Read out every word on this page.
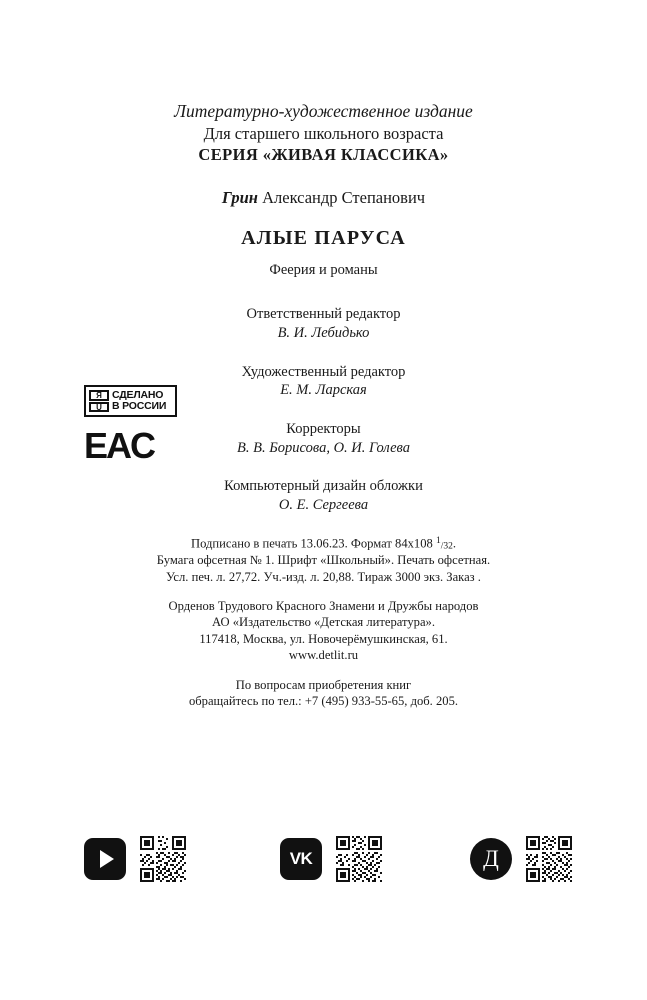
Литературно-художественное издание
Для старшего школьного возраста
СЕРИЯ «ЖИВАЯ КЛАССИКА»
Грин Александр Степанович
АЛЫЕ ПАРУСА
Феерия и романы
Ответственный редактор
В. И. Лебидько
Художественный редактор
Е. М. Ларская
Корректоры
В. В. Борисова, О. И. Голева
Компьютерный дизайн обложки
О. Е. Сергеева
Подписано в печать 13.06.23. Формат 84х108 $^1$/32.
Бумага офсетная № 1. Шрифт «Школьный». Печать офсетная.
Усл. печ. л. 27,72. Уч.-изд. л. 20,88. Тираж 3000 экз. Заказ .
Орденов Трудового Красного Знамени и Дружбы народов
АО «Издательство «Детская литература».
117418, Москва, ул. Новочерёмушкинская, 61.
www.detlit.ru
По вопросам приобретения книг
обращайтесь по тел.: +7 (495) 933-55-65, доб. 205.
Я
U
СДЕЛАНО
В РОССИИ
ЕAC
VK	Д
